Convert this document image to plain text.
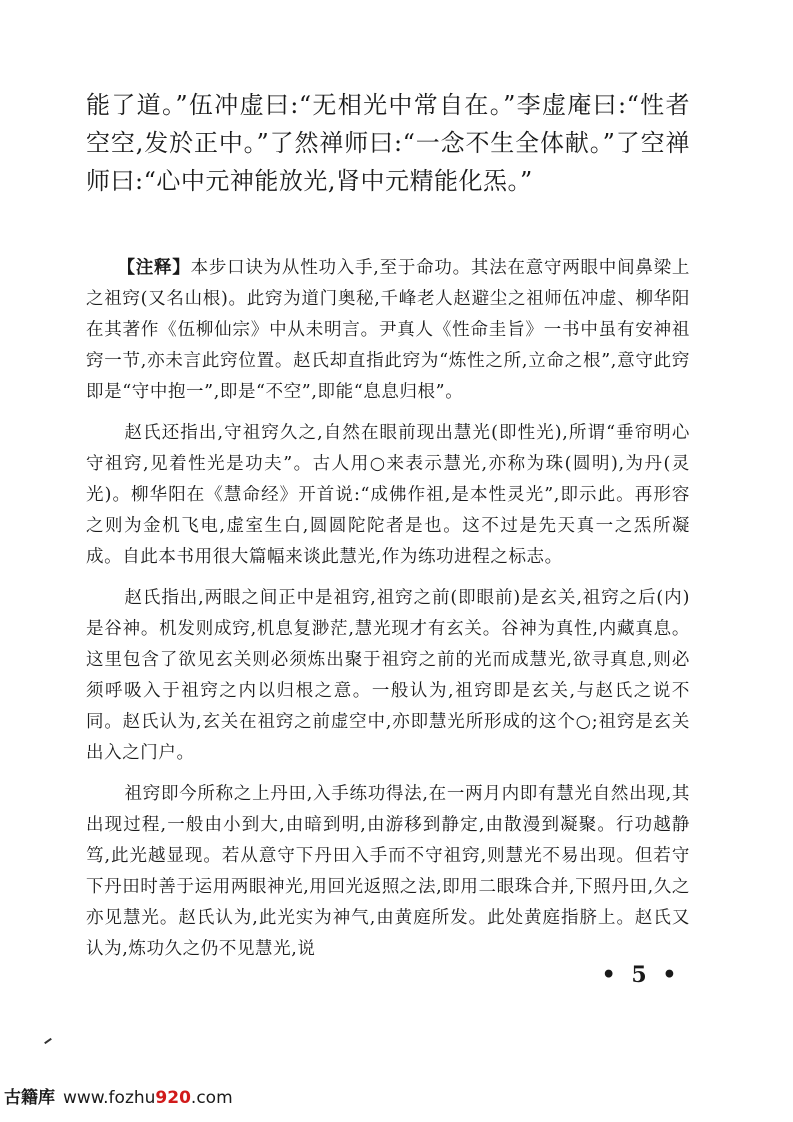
能了道。”伍冲虚曰:“无相光中常自在。”李虚庵曰:“性者空空,发於正中。”了然禅师曰:“一念不生全体献。”了空禅师曰:“心中元神能放光,肾中元精能化炁。”

【注释】本步口诀为从性功入手,至于命功。其法在意守两眼中间鼻梁上之祖窍(又名山根)。此窍为道门奥秘,千峰老人赵避尘之祖师伍冲虚、柳华阳在其著作《伍柳仙宗》中从未明言。尹真人《性命圭旨》一书中虽有安神祖窍一节,亦未言此窍位置。赵氏却直指此窍为“炼性之所,立命之根”,意守此窍即是“守中抱一”,即是“不空”,即能“息息归根”。

赵氏还指出,守祖窍久之,自然在眼前现出慧光(即性光),所谓“垂帘明心守祖窍,见着性光是功夫”。古人用○来表示慧光,亦称为珠(圆明),为丹(灵光)。柳华阳在《慧命经》开首说:“成佛作祖,是本性灵光”,即示此。再形容之则为金机飞电,虚室生白,圆圆陀陀者是也。这不过是先天真一之炁所凝成。自此本书用很大篇幅来谈此慧光,作为练功进程之标志。

赵氏指出,两眼之间正中是祖窍,祖窍之前(即眼前)是玄关,祖窍之后(内)是谷神。机发则成窍,机息复渺茫,慧光现才有玄关。谷神为真性,内藏真息。这里包含了欲见玄关则必须炼出聚于祖窍之前的光而成慧光,欲寻真息,则必须呼吸入于祖窍之内以归根之意。一般认为,祖窍即是玄关,与赵氏之说不同。赵氏认为,玄关在祖窍之前虚空中,亦即慧光所形成的这个○;祖窍是玄关出入之门户。

祖窍即今所称之上丹田,入手练功得法,在一两月内即有慧光自然出现,其出现过程,一般由小到大,由暗到明,由游移到静定,由散漫到凝聚。行功越静笃,此光越显现。若从意守下丹田入手而不守祖窍,则慧光不易出现。但若守下丹田时善于运用两眼神光,用回光返照之法,即用二眼珠合并,下照丹田,久之亦见慧光。赵氏认为,此光实为神气,由黄庭所发。此处黄庭指脐上。赵氏又认为,炼功久之仍不见慧光,说

• 5 •
古籍库 www.fozhu920.com
